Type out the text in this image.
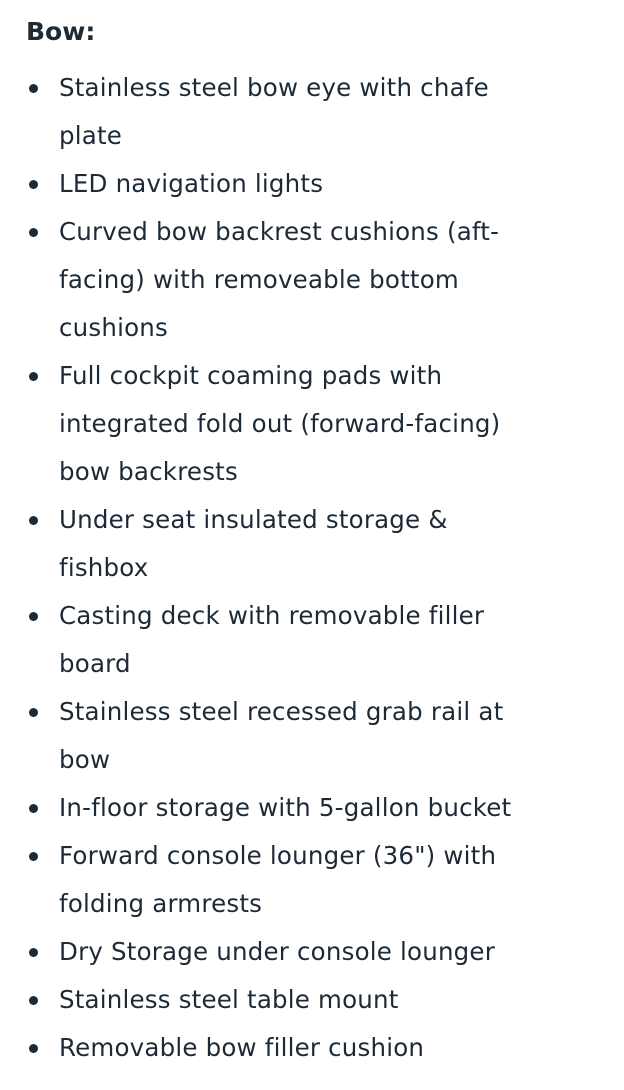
Bow:
Stainless steel bow eye with chafe
plate
LED navigation lights
Curved bow backrest cushions (aft-
facing) with removeable bottom
cushions
Full cockpit coaming pads with
integrated fold out (forward-facing)
bow backrests
Under seat insulated storage &
fishbox
Casting deck with removable filler
board
Stainless steel recessed grab rail at
bow
In-floor storage with 5-gallon bucket
Forward console lounger (36") with
folding armrests
Dry Storage under console lounger
Stainless steel table mount
Removable bow filler cushion
